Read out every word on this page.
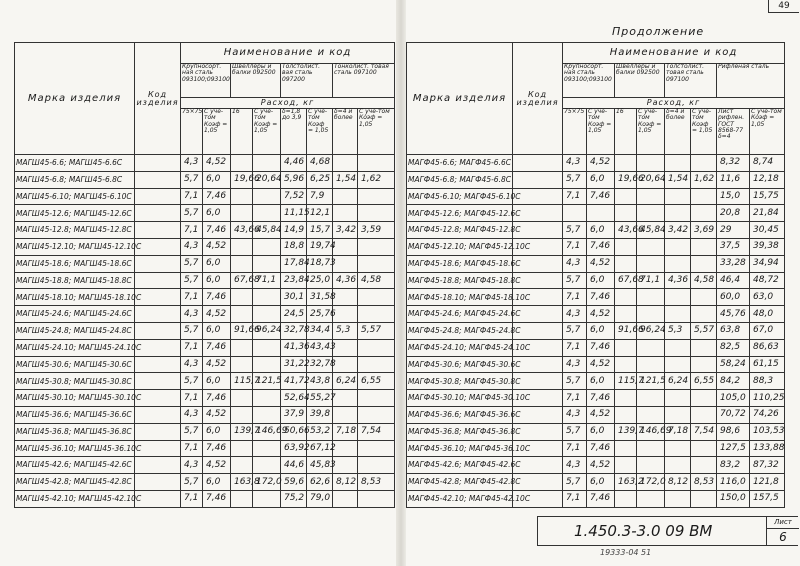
49
Продолжение
Марка изделия	Код изделия	Наименование и код							
		Крупносорт. ная сталь 093100;093100		Швеллеры и балки 092500		Толстолист. вая сталь 097200		Тонколист. товая сталь 097100	
		Расход, кг							
		75×75	С уче-том Коэф = 1,05	16	С уче-том Коэф = 1,05	δ=1,8 до 3,9	С уче-том Коэф = 1,05	δ=4 и более	С уче-том Коэф = 1,05
МАГШ45-6.6; МАГШ45-6.6С		4,3	4,52			4,46	4,68		
МАГШ45-6.8; МАГШ45-6.8С		5,7	6,0	19,66	20,64	5,96	6,25	1,54	1,62
МАГШ45-6.10; МАГШ45-6.10С		7,1	7,46			7,52	7,9		
МАГШ45-12.6; МАГШ45-12.6С		5,7	6,0			11,15	12,1		
МАГШ45-12.8; МАГШ45-12.8С		7,1	7,46	43,66	45,84	14,9	15,7	3,42	3,59
МАГШ45-12.10; МАГШ45-12.10С		4,3	4,52			18,8	19,74		
МАГШ45-18.6; МАГШ45-18.6С		5,7	6,0			17,84	18,73		
МАГШ45-18.8; МАГШ45-18.8С		5,7	6,0	67,68	71,1	23,84	25,0	4,36	4,58
МАГШ45-18.10; МАГШ45-18.10С		7,1	7,46			30,1	31,58		
МАГШ45-24.6; МАГШ45-24.6С		4,3	4,52			24,5	25,76		
МАГШ45-24.8; МАГШ45-24.8С		5,7	6,0	91,66	96,24	32,78	34,4	5,3	5,57
МАГШ45-24.10; МАГШ45-24.10С		7,1	7,46			41,36	43,43		
МАГШ45-30.6; МАГШ45-30.6С		4,3	4,52			31,22	32,78		
МАГШ45-30.8; МАГШ45-30.8С		5,7	6,0	115,7	121,5	41,72	43,8	6,24	6,55
МАГШ45-30.10; МАГШ45-30.10С		7,1	7,46			52,64	55,27		
МАГШ45-36.6; МАГШ45-36.6С		4,3	4,52			37,9	39,8		
МАГШ45-36.8; МАГШ45-36.8С		5,7	6,0	139,7	146,69	50,66	53,2	7,18	7,54
МАГШ45-36.10; МАГШ45-36.10С		7,1	7,46			63,92	67,12		
МАГШ45-42.6; МАГШ45-42.6С		4,3	4,52			44,6	45,83		
МАГШ45-42.8; МАГШ45-42.8С		5,7	6,0	163,8	172,0	59,6	62,6	8,12	8,53
МАГШ45-42.10; МАГШ45-42.10С		7,1	7,46			75,2	79,0		
Марка изделия	Код изделия	Наименование и код							
		Крупносорт. ная сталь 093100;093100		Швеллеры и балки 092500		Толстолист. товая сталь 097100		Рифленая сталь	
		Расход, кг							
		75×75	С уче-том Коэф = 1,05	16	С уче-том Коэф = 1,05	δ=4 и более	С уче-том Коэф = 1,05	Лист рифлен. ГОСТ 8568-77 δ=4	С уче-том Коэф = 1,05
МАГФ45-6.6; МАГФ45-6.6С		4,3	4,52					8,32	8,74
МАГФ45-6.8; МАГФ45-6.8С		5,7	6,0	19,66	20,64	1,54	1,62	11,6	12,18
МАГФ45-6.10; МАГФ45-6.10С		7,1	7,46					15,0	15,75
МАГФ45-12.6; МАГФ45-12.6С								20,8	21,84
МАГФ45-12.8; МАГФ45-12.8С		5,7	6,0	43,66	45,84	3,42	3,69	29	30,45
МАГФ45-12.10; МАГФ45-12.10С		7,1	7,46					37,5	39,38
МАГФ45-18.6; МАГФ45-18.6С		4,3	4,52					33,28	34,94
МАГФ45-18.8; МАГФ45-18.8С		5,7	6,0	67,68	71,1	4,36	4,58	46,4	48,72
МАГФ45-18.10; МАГФ45-18.10С		7,1	7,46					60,0	63,0
МАГФ45-24.6; МАГФ45-24.6С		4,3	4,52					45,76	48,0
МАГФ45-24.8; МАГФ45-24.8С		5,7	6,0	91,66	96,24	5,3	5,57	63,8	67,0
МАГФ45-24.10; МАГФ45-24.10С		7,1	7,46					82,5	86,63
МАГФ45-30.6; МАГФ45-30.6С		4,3	4,52					58,24	61,15
МАГФ45-30.8; МАГФ45-30.8С		5,7	6,0	115,7	121,5	6,24	6,55	84,2	88,3
МАГФ45-30.10; МАГФ45-30.10С		7,1	7,46					105,0	110,25
МАГФ45-36.6; МАГФ45-36.6С		4,3	4,52					70,72	74,26
МАГФ45-36.8; МАГФ45-36.8С		5,7	6,0	139,7	146,69	7,18	7,54	98,6	103,53
МАГФ45-36.10; МАГФ45-36.10С		7,1	7,46					127,5	133,88
МАГФ45-42.6; МАГФ45-42.6С		4,3	4,52					83,2	87,32
МАГФ45-42.8; МАГФ45-42.8С		5,7	6,0	163,2	172,0	8,12	8,53	116,0	121,8
МАГФ45-42.10; МАГФ45-42.10С		7,1	7,46					150,0	157,5
1.450.3-3.0 09 ВМ	Лист
6
19333-04 51
